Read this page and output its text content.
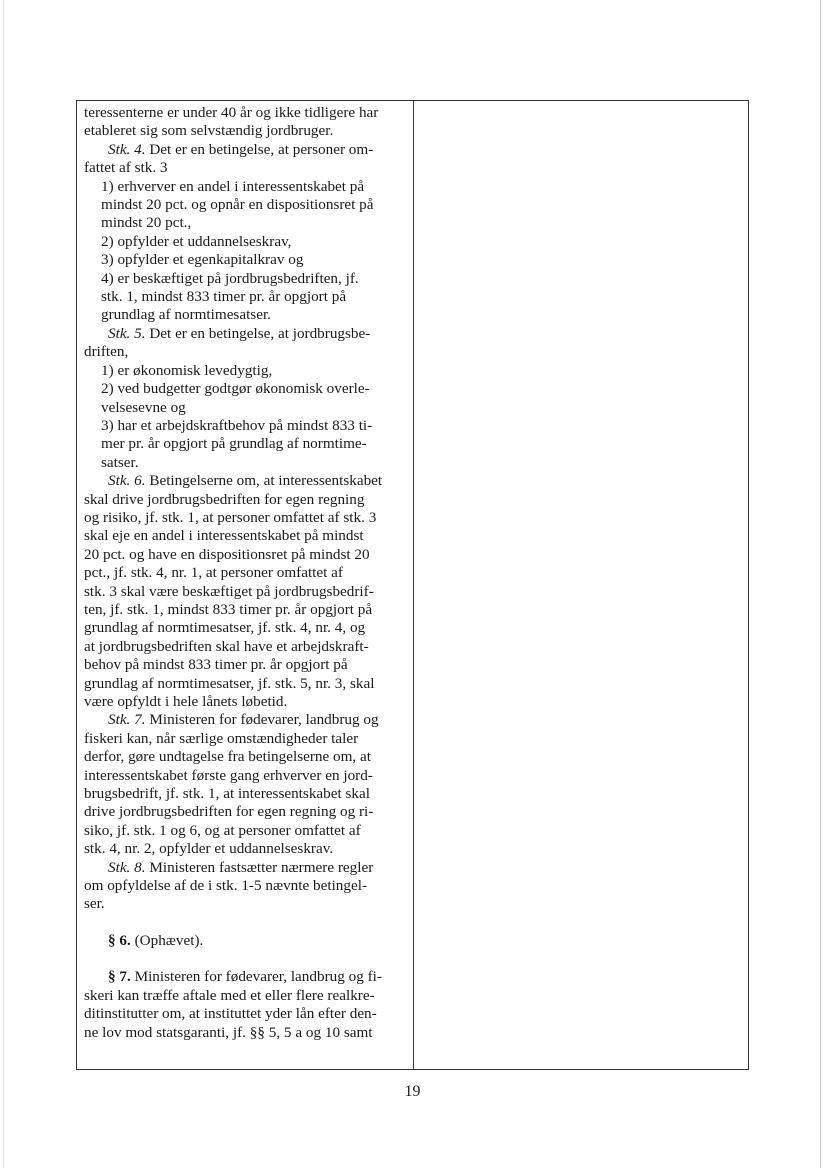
teressenterne er under 40 år og ikke tidligere har

etableret sig som selvstændig jordbruger.

Stk. 4. Det er en betingelse, at personer om-

fattet af stk. 3

1) erhverver en andel i interessentskabet på

mindst 20 pct. og opnår en dispositionsret på

mindst 20 pct.,

2) opfylder et uddannelseskrav,

3) opfylder et egenkapitalkrav og

4) er beskæftiget på jordbrugsbedriften, jf.

stk. 1, mindst 833 timer pr. år opgjort på

grundlag af normtimesatser.

Stk. 5. Det er en betingelse, at jordbrugsbe-

driften,

1) er økonomisk levedygtig,

2) ved budgetter godtgør økonomisk overle-

velsesevne og

3) har et arbejdskraftbehov på mindst 833 ti-

mer pr. år opgjort på grundlag af normtime-

satser.

Stk. 6. Betingelserne om, at interessentskabet

skal drive jordbrugsbedriften for egen regning

og risiko, jf. stk. 1, at personer omfattet af stk. 3

skal eje en andel i interessentskabet på mindst

20 pct. og have en dispositionsret på mindst 20

pct., jf. stk. 4, nr. 1, at personer omfattet af

stk. 3 skal være beskæftiget på jordbrugsbedrif-

ten, jf. stk. 1, mindst 833 timer pr. år opgjort på

grundlag af normtimesatser, jf. stk. 4, nr. 4, og

at jordbrugsbedriften skal have et arbejdskraft-

behov på mindst 833 timer pr. år opgjort på

grundlag af normtimesatser, jf. stk. 5, nr. 3, skal

være opfyldt i hele lånets løbetid.

Stk. 7. Ministeren for fødevarer, landbrug og

fiskeri kan, når særlige omstændigheder taler

derfor, gøre undtagelse fra betingelserne om, at

interessentskabet første gang erhverver en jord-

brugsbedrift, jf. stk. 1, at interessentskabet skal

drive jordbrugsbedriften for egen regning og ri-

siko, jf. stk. 1 og 6, og at personer omfattet af

stk. 4, nr. 2, opfylder et uddannelseskrav.

Stk. 8. Ministeren fastsætter nærmere regler

om opfyldelse af de i stk. 1-5 nævnte betingel-

ser.

§ 6. (Ophævet).

§ 7. Ministeren for fødevarer, landbrug og fi-

skeri kan træffe aftale med et eller flere realkre-

ditinstitutter om, at instituttet yder lån efter den-

ne lov mod statsgaranti, jf. §§ 5, 5 a og 10 samt

19
